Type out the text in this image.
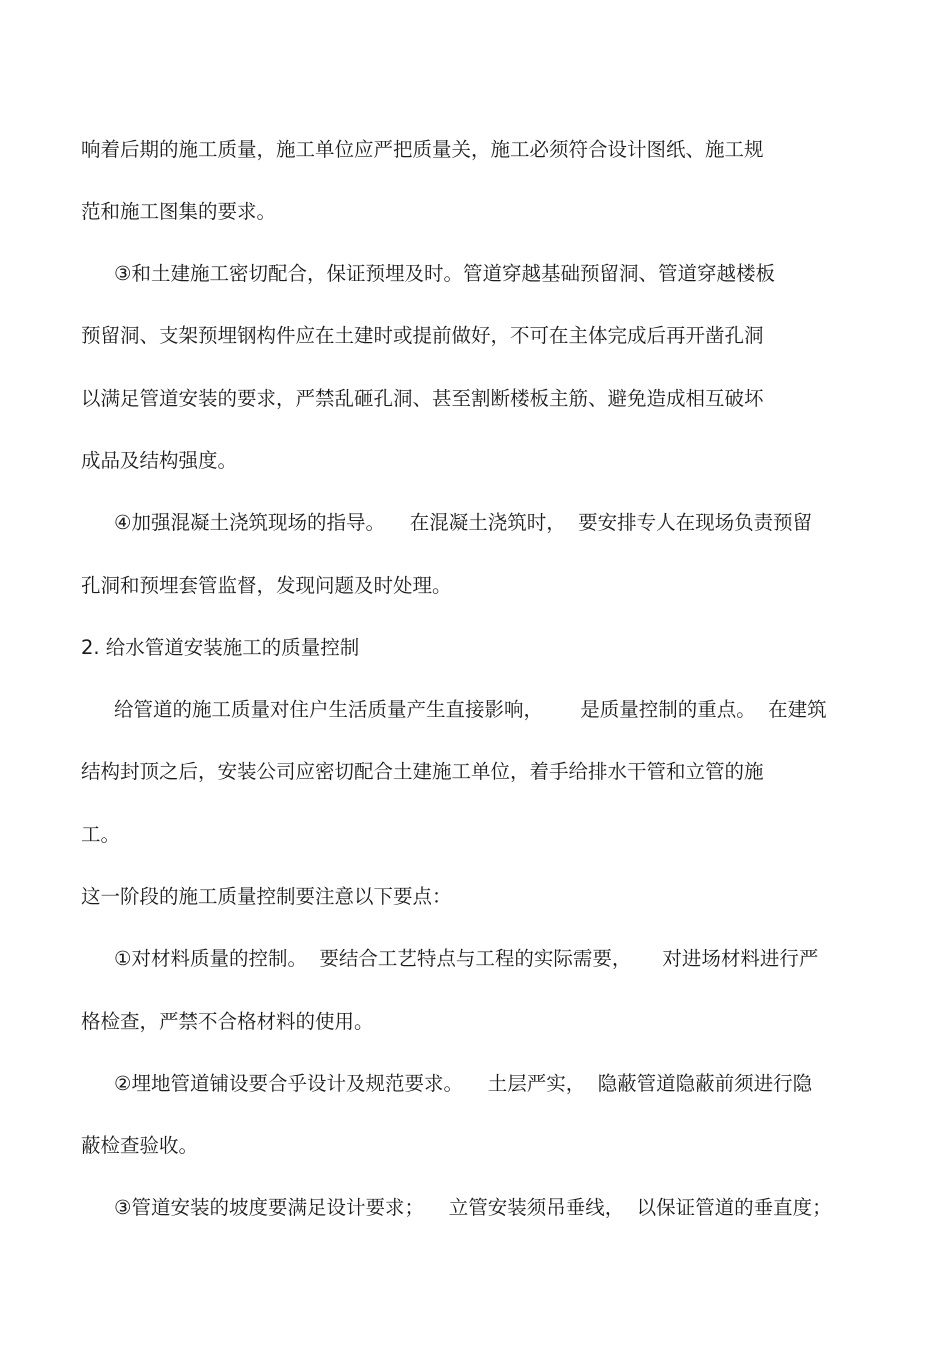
响着后期的施工质量，施工单位应严把质量关，施工必须符合设计图纸、施工规
范和施工图集的要求。
③和土建施工密切配合，保证预埋及时。管道穿越基础预留洞、管道穿越楼板
预留洞、支架预埋钢构件应在土建时或提前做好，不可在主体完成后再开凿孔洞
以满足管道安装的要求，严禁乱砸孔洞、甚至割断楼板主筋、避免造成相互破坏
成品及结构强度。
④加强混凝土浇筑现场的指导。    在混凝土浇筑时，  要安排专人在现场负责预留
孔洞和预埋套管监督，发现问题及时处理。
2. 给水管道安装施工的质量控制
给管道的施工质量对住户生活质量产生直接影响，      是质量控制的重点。  在建筑
结构封顶之后，安装公司应密切配合土建施工单位，着手给排水干管和立管的施
工。
这一阶段的施工质量控制要注意以下要点：
①对材料质量的控制。  要结合工艺特点与工程的实际需要，     对进场材料进行严
格检查，严禁不合格材料的使用。
②埋地管道铺设要合乎设计及规范要求。    土层严实，  隐蔽管道隐蔽前须进行隐
蔽检查验收。
③管道安装的坡度要满足设计要求；    立管安装须吊垂线，  以保证管道的垂直度；
